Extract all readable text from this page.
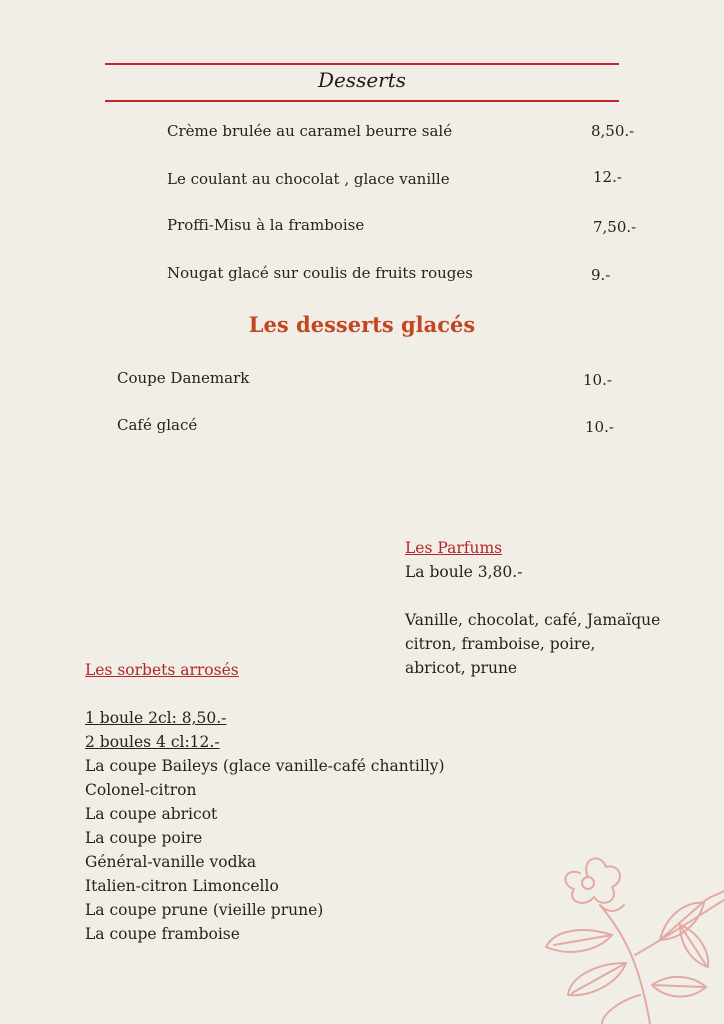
Desserts
Crème brulée au caramel beurre salé	8,50.-
Le coulant au chocolat , glace vanille	12.-
Proffi-Misu à la framboise	7,50.-
Nougat glacé sur coulis de fruits rouges	9.-
Les desserts glacés
Coupe Danemark	10.-
Café glacé	10.-
Les Parfums
La boule 3,80.-
Vanille, chocolat, café, Jamaïque
citron, framboise, poire,
abricot, prune
Les sorbets arrosés
1 boule 2cl: 8,50.-
2 boules 4 cl:12.-
La coupe Baileys (glace vanille-café chantilly)
Colonel-citron
La coupe abricot
La coupe poire
Général-vanille vodka
Italien-citron Limoncello
La coupe prune (vieille prune)
La coupe framboise
